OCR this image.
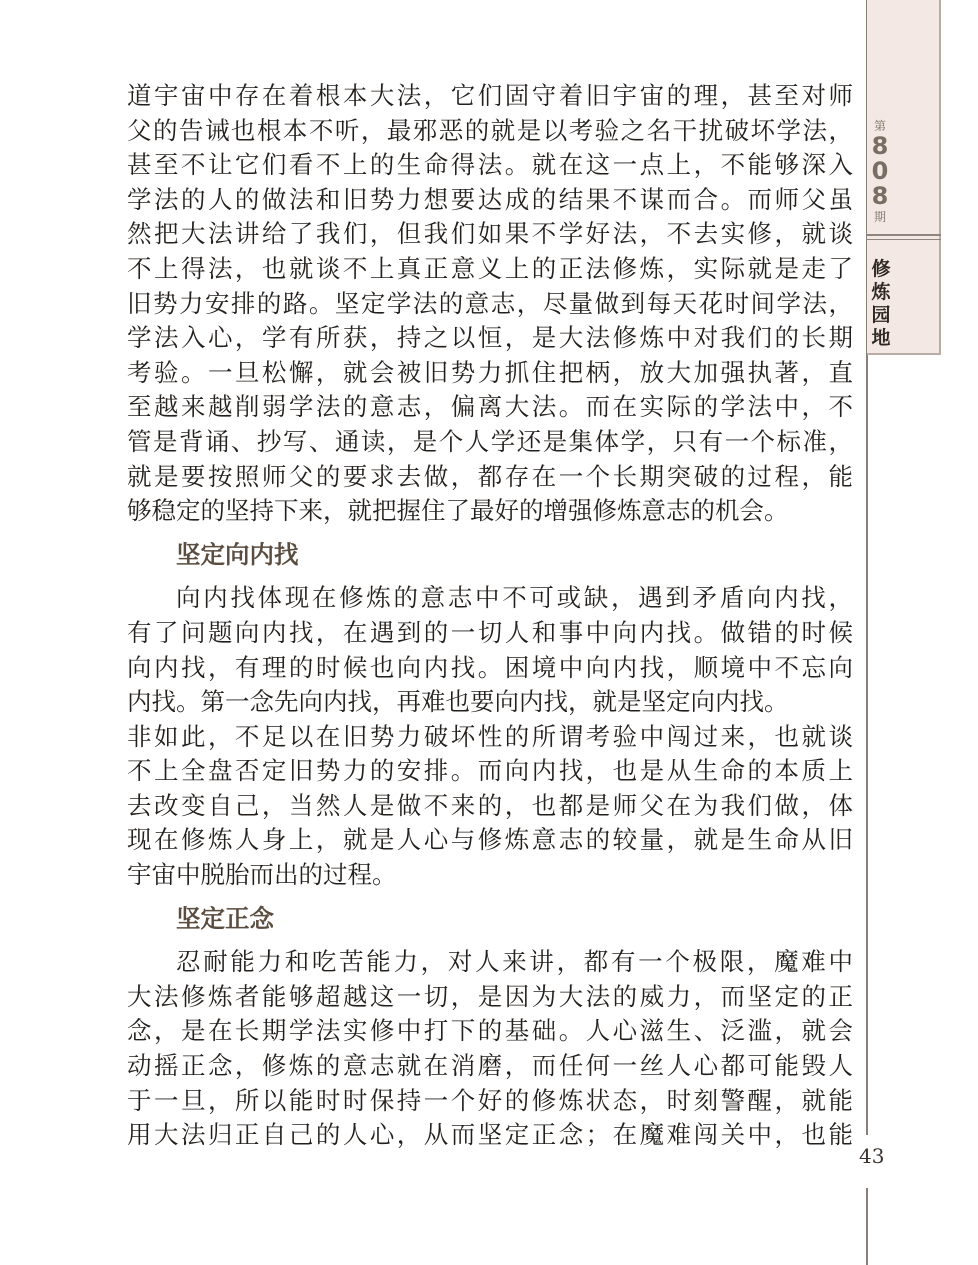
第
8
0
8
期
修
炼
园
地
道宇宙中存在着根本大法，它们固守着旧宇宙的理，甚至对师
父的告诫也根本不听，最邪恶的就是以考验之名干扰破坏学法，
甚至不让它们看不上的生命得法。就在这一点上，不能够深入
学法的人的做法和旧势力想要达成的结果不谋而合。而师父虽
然把大法讲给了我们，但我们如果不学好法，不去实修，就谈
不上得法，也就谈不上真正意义上的正法修炼，实际就是走了
旧势力安排的路。坚定学法的意志，尽量做到每天花时间学法，
学法入心，学有所获，持之以恒，是大法修炼中对我们的长期
考验。一旦松懈，就会被旧势力抓住把柄，放大加强执著，直
至越来越削弱学法的意志，偏离大法。而在实际的学法中，不
管是背诵、抄写、通读，是个人学还是集体学，只有一个标准，
就是要按照师父的要求去做，都存在一个长期突破的过程，能
够稳定的坚持下来，就把握住了最好的增强修炼意志的机会。
坚定向内找
向内找体现在修炼的意志中不可或缺，遇到矛盾向内找，
有了问题向内找，在遇到的一切人和事中向内找。做错的时候
向内找，有理的时候也向内找。困境中向内找，顺境中不忘向
内找。第一念先向内找，再难也要向内找，就是坚定向内找。
非如此，不足以在旧势力破坏性的所谓考验中闯过来，也就谈
不上全盘否定旧势力的安排。而向内找，也是从生命的本质上
去改变自己，当然人是做不来的，也都是师父在为我们做，体
现在修炼人身上，就是人心与修炼意志的较量，就是生命从旧
宇宙中脱胎而出的过程。
坚定正念
忍耐能力和吃苦能力，对人来讲，都有一个极限，魔难中
大法修炼者能够超越这一切，是因为大法的威力，而坚定的正
念，是在长期学法实修中打下的基础。人心滋生、泛滥，就会
动摇正念，修炼的意志就在消磨，而任何一丝人心都可能毁人
于一旦，所以能时时保持一个好的修炼状态，时刻警醒，就能
用大法归正自己的人心，从而坚定正念；在魔难闯关中，也能
43
